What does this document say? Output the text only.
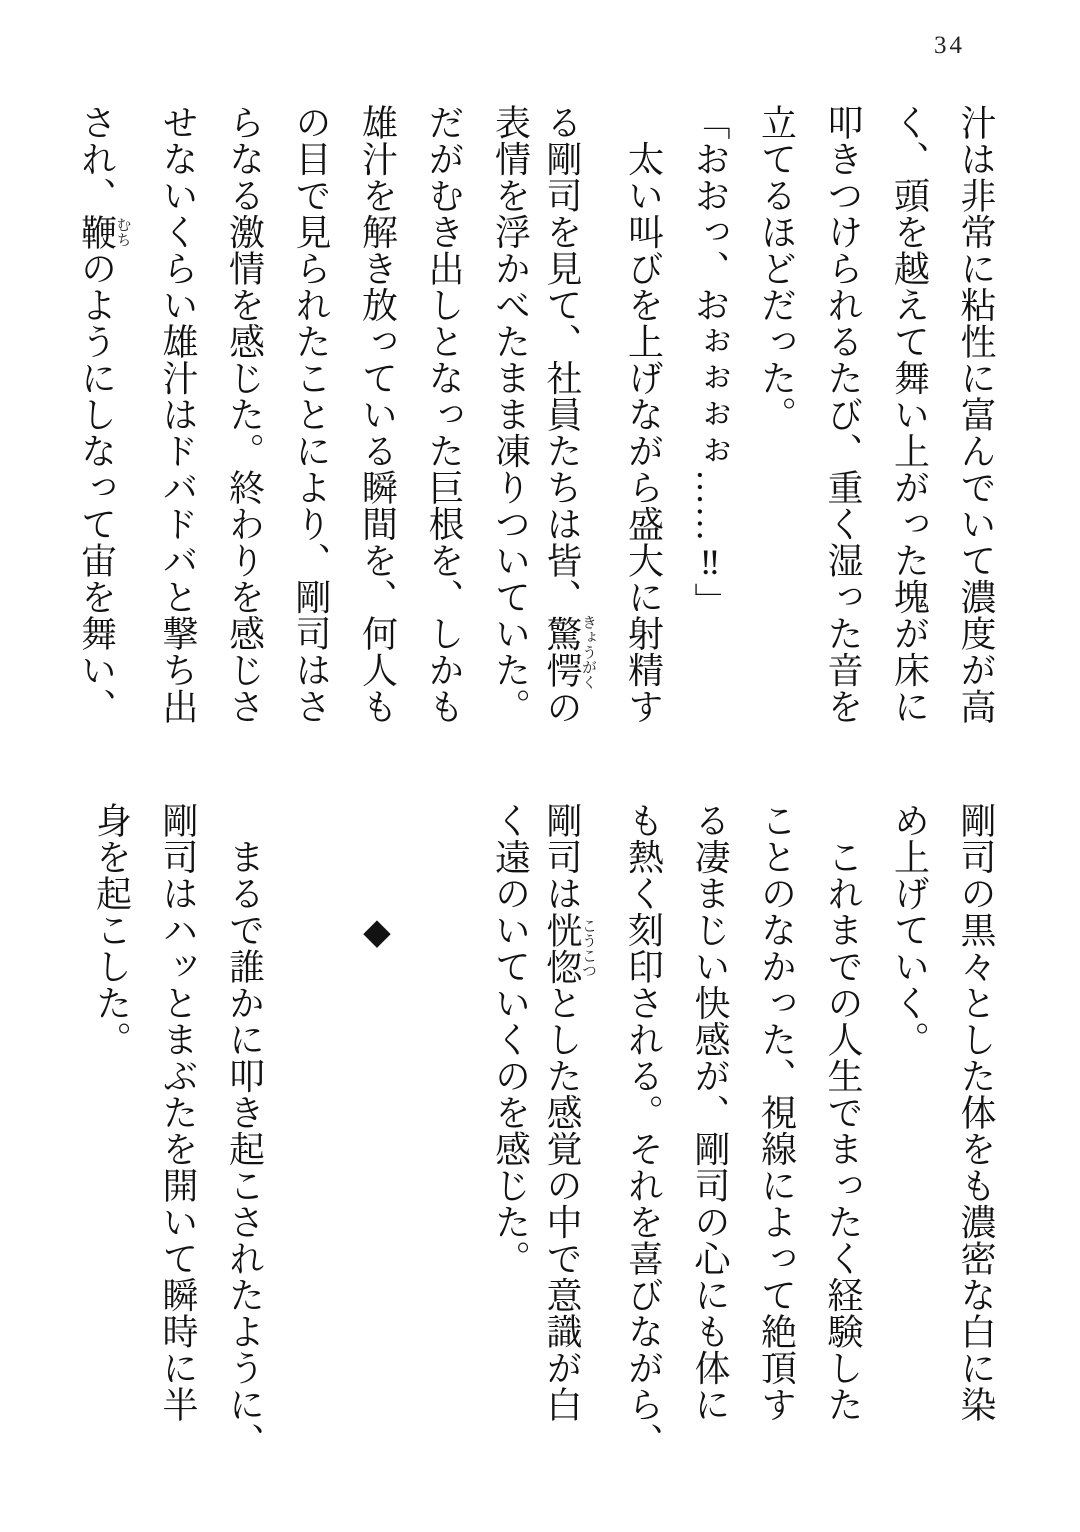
34
汁は非常に粘性に富んでいて濃度が高
く、頭を越えて舞い上がった塊が床に
叩きつけられるたび、重く湿った音を
立てるほどだった。
「おおっ、おぉぉぉぉ……‼」
　太い叫びを上げながら盛大に射精す
る剛司を見て、社員たちは皆、驚愕きょうがくの
表情を浮かべたまま凍りついていた。
だがむき出しとなった巨根を、しかも
雄汁を解き放っている瞬間を、何人も
の目で見られたことにより、剛司はさ
らなる激情を感じた。終わりを感じさ
せないくらい雄汁はドバドバと撃ち出
され、鞭むちのようにしなって宙を舞い、
剛司の黒々とした体をも濃密な白に染
め上げていく。
　これまでの人生でまったく経験した
ことのなかった、視線によって絶頂す
る凄まじい快感が、剛司の心にも体に
も熱く刻印される。それを喜びながら、
剛司は恍惚こうこつとした感覚の中で意識が白
く遠のいていくのを感じた。
　　　◆
　まるで誰かに叩き起こされたように、
剛司はハッとまぶたを開いて瞬時に半
身を起こした。
